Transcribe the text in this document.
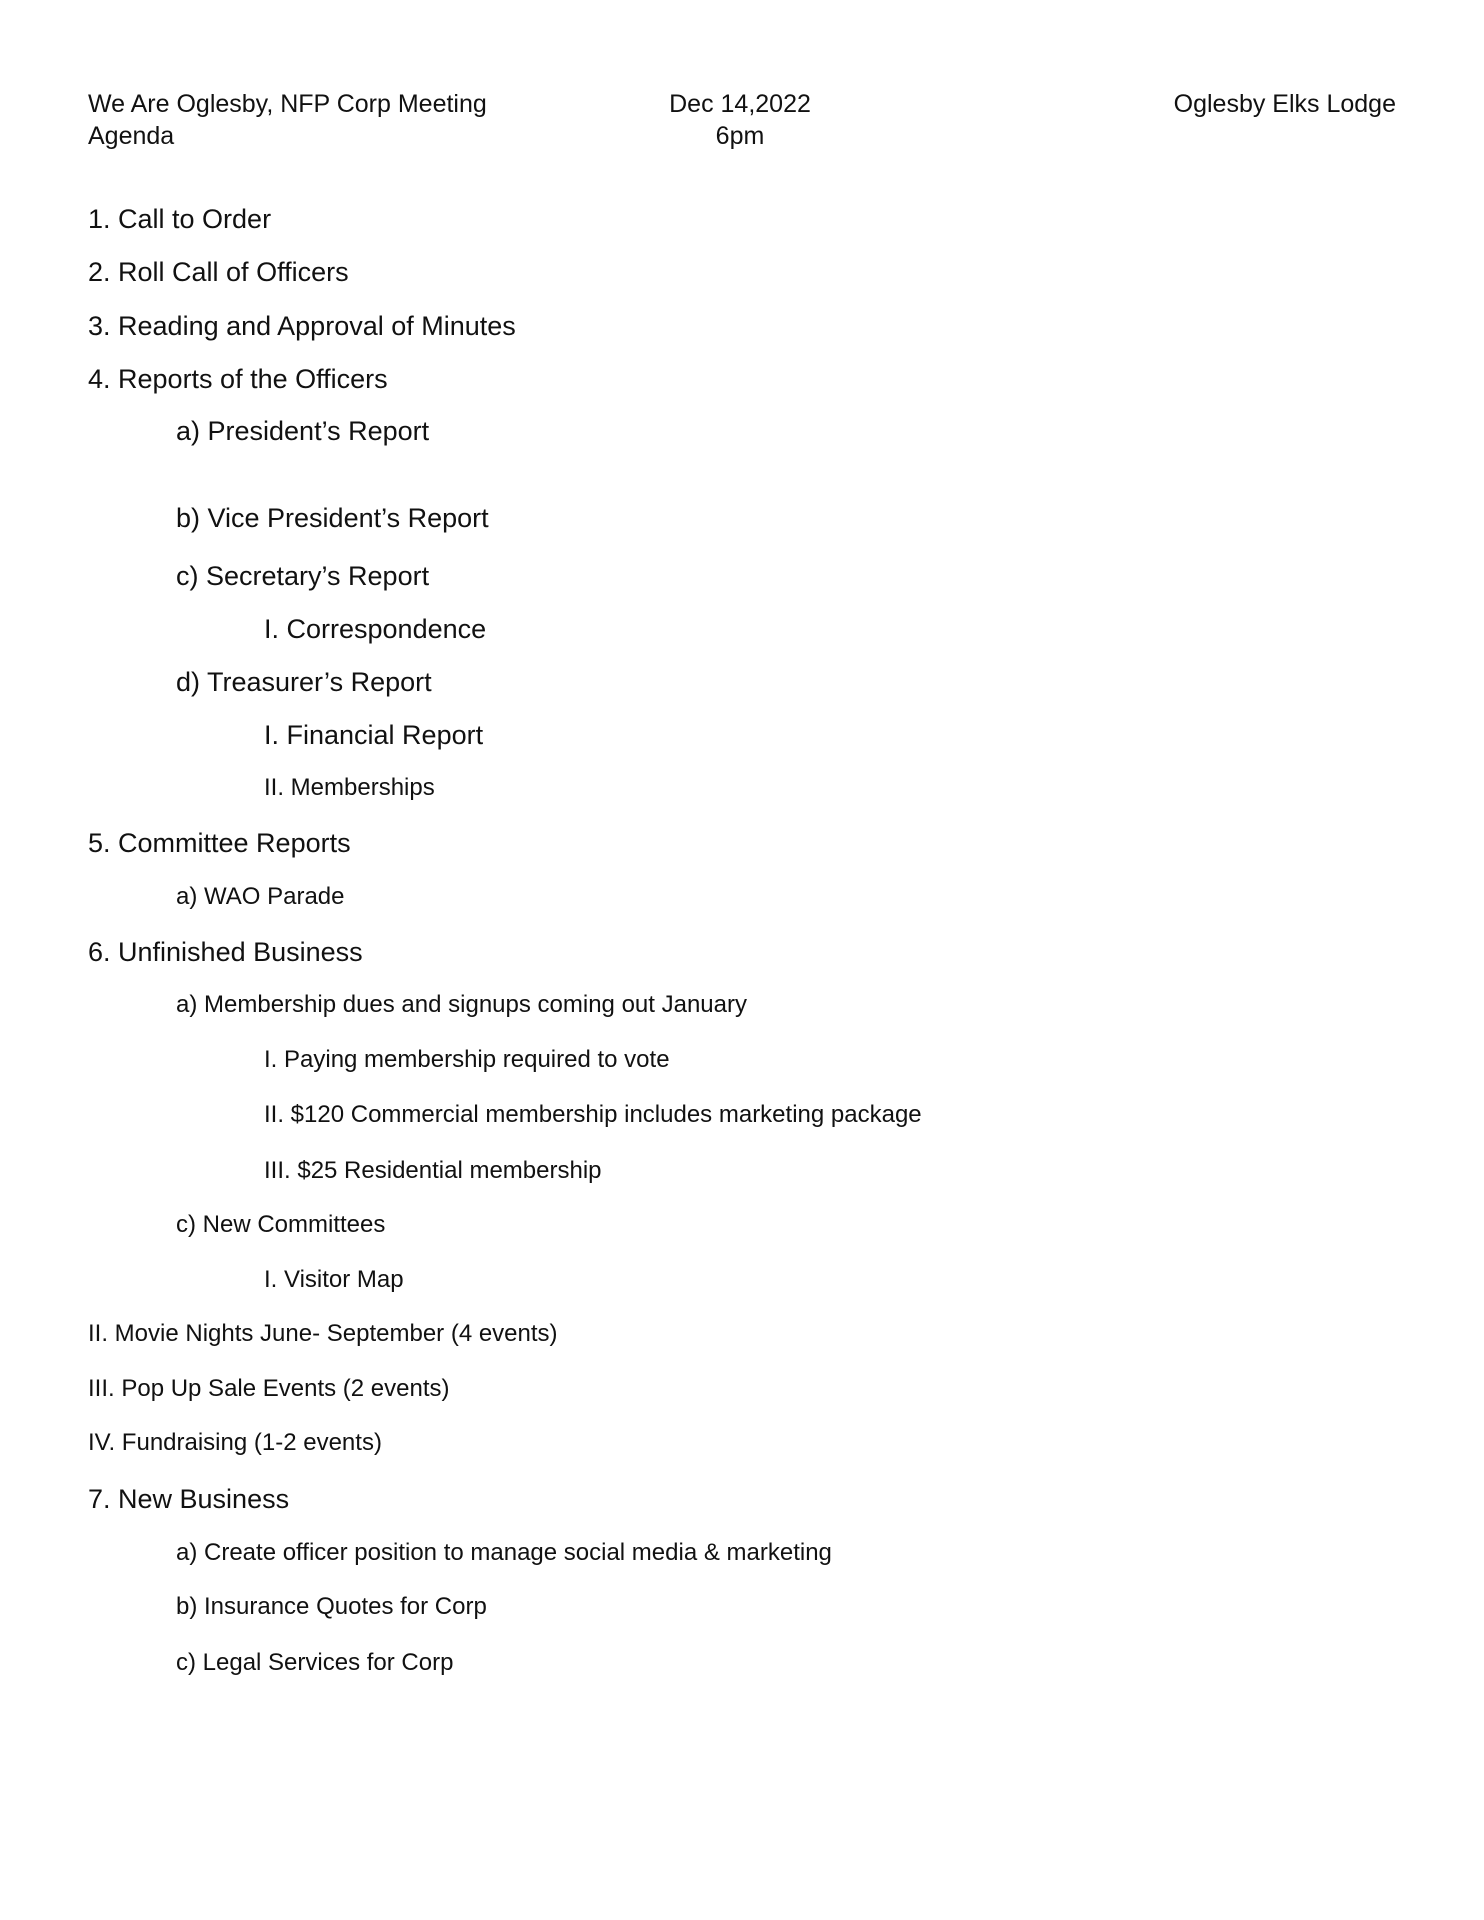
We Are Oglesby, NFP Corp Meeting
Agenda
Dec 14,2022
6pm
Oglesby Elks Lodge
1. Call to Order
2. Roll Call of Officers
3. Reading and Approval of Minutes
4. Reports of the Officers
a) President’s Report
b) Vice President’s Report
c) Secretary’s Report
I. Correspondence
d) Treasurer’s Report
I. Financial Report
II. Memberships
5. Committee Reports
a) WAO Parade
6. Unfinished Business
a) Membership dues and signups coming out January
I. Paying membership required to vote
II. $120 Commercial membership includes marketing package
III. $25 Residential membership
c) New Committees
I. Visitor Map
II. Movie Nights June- September (4 events)
III. Pop Up Sale Events (2 events)
IV. Fundraising (1-2 events)
7. New Business
a) Create officer position to manage social media & marketing
b) Insurance Quotes for Corp
c) Legal Services for Corp
